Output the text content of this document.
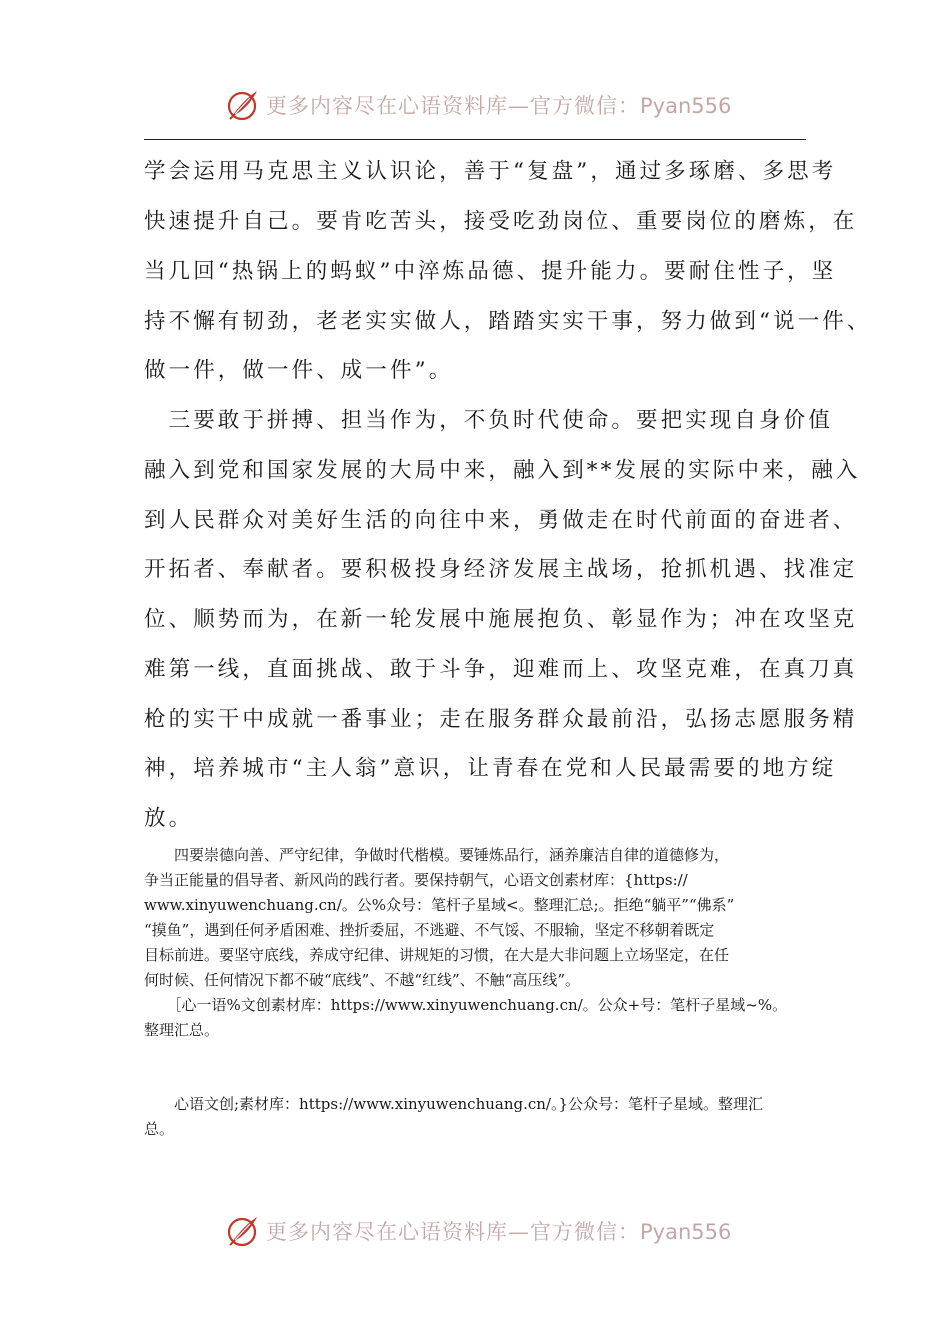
更多内容尽在心语资料库—官方微信：Pyan556
学会运用马克思主义认识论，善于“复盘”，通过多琢磨、多思考
快速提升自己。要肯吃苦头，接受吃劲岗位、重要岗位的磨炼，在
当几回“热锅上的蚂蚁”中淬炼品德、提升能力。要耐住性子，坚
持不懈有韧劲，老老实实做人，踏踏实实干事，努力做到“说一件、
做一件，做一件、成一件”。
　三要敢于拼搏、担当作为，不负时代使命。要把实现自身价值
融入到党和国家发展的大局中来，融入到**发展的实际中来，融入
到人民群众对美好生活的向往中来，勇做走在时代前面的奋进者、
开拓者、奉献者。要积极投身经济发展主战场，抢抓机遇、找准定
位、顺势而为，在新一轮发展中施展抱负、彰显作为；冲在攻坚克
难第一线，直面挑战、敢于斗争，迎难而上、攻坚克难，在真刀真
枪的实干中成就一番事业；走在服务群众最前沿，弘扬志愿服务精
神，培养城市“主人翁”意识，让青春在党和人民最需要的地方绽
放。
　　四要崇德向善、严守纪律，争做时代楷模。要锤炼品行，涵养廉洁自律的道德修为，
争当正能量的倡导者、新风尚的践行者。要保持朝气，心语文创素材库：{https://
www.xinyuwenchuang.cn/。公%众号：笔杆子星域<。整理汇总;。拒绝“躺平”“佛系”
“摸鱼”，遇到任何矛盾困难、挫折委屈，不逃避、不气馁、不服输，坚定不移朝着既定
目标前进。要坚守底线，养成守纪律、讲规矩的习惯，在大是大非问题上立场坚定，在任
何时候、任何情况下都不破“底线”、不越“红线”、不触“高压线”。
　　［心一语%文创素材库：https://www.xinyuwenchuang.cn/。公众+号：笔杆子星域~%。
整理汇总。
　　心语文创;素材库：https://www.xinyuwenchuang.cn/。}公众号：笔杆子星域。整理汇
总。
更多内容尽在心语资料库—官方微信：Pyan556
